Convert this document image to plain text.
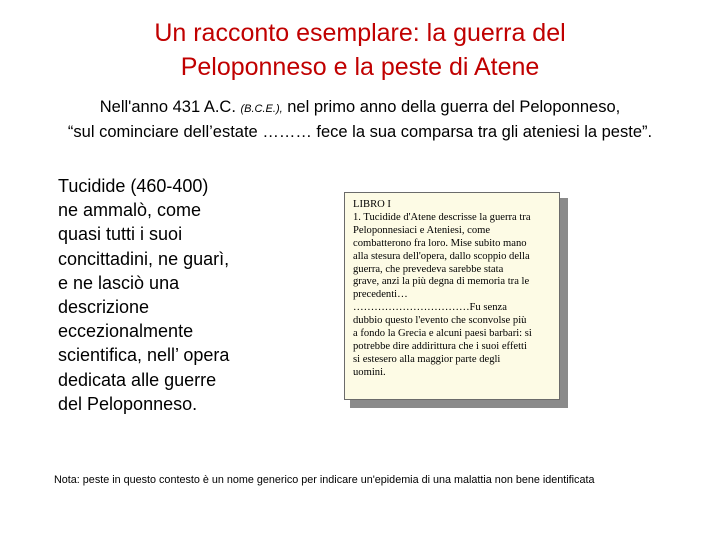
Un racconto esemplare: la guerra del
Peloponneso e la peste di Atene
Nell'anno 431 A.C. (B.C.E.), nel primo anno della guerra del Peloponneso,
“sul cominciare dell’estate ……… fece la sua comparsa tra gli ateniesi la peste”.
Tucidide (460-400)
ne ammalò, come
quasi tutti i suoi
concittadini, ne guarì,
e ne lasciò una
descrizione
eccezionalmente
scientifica, nell’ opera
dedicata alle guerre
del Peloponneso.
LIBRO I
1. Tucidide d'Atene descrisse la guerra tra
Peloponnesiaci e Ateniesi, come
combatterono fra loro. Mise subito mano
alla stesura dell'opera, dallo scoppio della
guerra, che prevedeva sarebbe stata
grave, anzi la più degna di memoria tra le
precedenti…
……………………………Fu senza
dubbio questo l'evento che sconvolse più
a fondo la Grecia e alcuni paesi barbari: si
potrebbe dire addirittura che i suoi effetti
si estesero alla maggior parte degli
uomini.
Nota: peste in questo contesto è un nome generico per indicare un'epidemia di una malattia non bene identificata
